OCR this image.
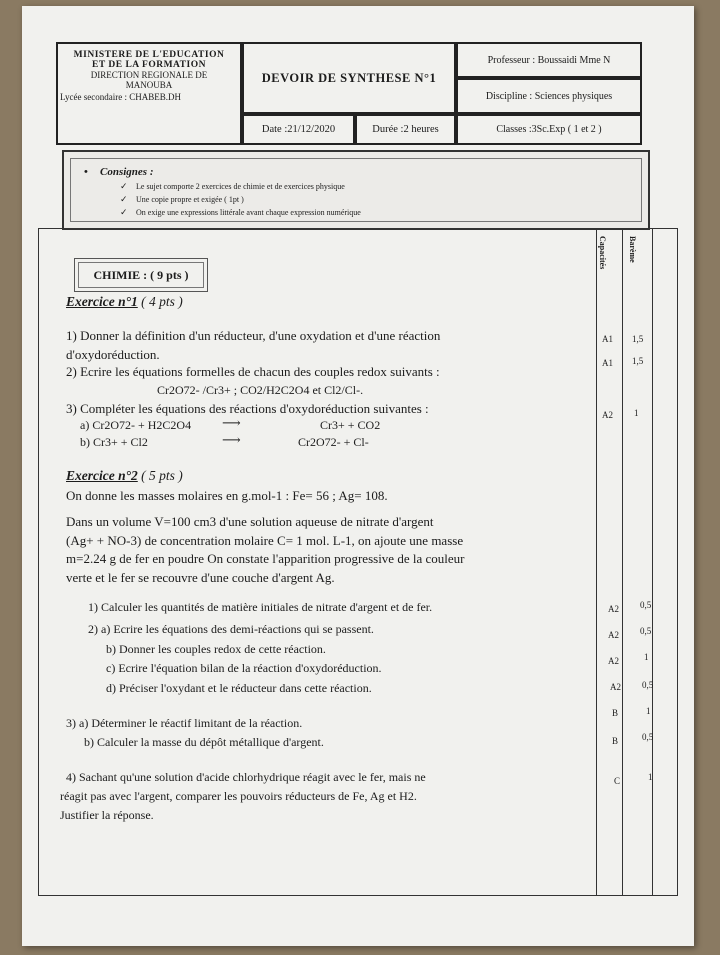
MINISTERE DE L'EDUCATION
ET DE LA FORMATION
DIRECTION REGIONALE DE
MANOUBA
Lycée secondaire : CHABEB.DH
DEVOIR DE SYNTHESE N°1
Date :21/12/2020	Durée :2 heures
Professeur : Boussaidi Mme N
Discipline : Sciences physiques
Classes :3Sc.Exp ( 1 et 2 )
• Consignes :
✓ Le sujet comporte 2 exercices de chimie et de exercices physique
✓ Une copie propre et exigée ( 1pt )
✓ On exige une expressions littérale avant chaque expression numérique
Capacités	Barème
CHIMIE : ( 9 pts )
Exercice n°1 ( 4 pts )
1) Donner la définition d'un réducteur, d'une oxydation et d'une réaction
d'oxydoréduction.
2) Ecrire les équations formelles de chacun des couples redox suivants :
Cr2O72- /Cr3+ ; CO2/H2C2O4 et Cl2/Cl-.
3) Compléter les équations des réactions d'oxydoréduction suivantes :
a) Cr2O72- + H2C2O4 ⟶	Cr3+ + CO2
b) Cr3+ + Cl2	⟶	Cr2O72- + Cl-
Exercice n°2 ( 5 pts )
On donne les masses molaires en g.mol-1 : Fe= 56 ; Ag= 108.
Dans un volume V=100 cm3 d'une solution aqueuse de nitrate d'argent
(Ag+ + NO-3) de concentration molaire C= 1 mol. L-1, on ajoute une masse
m=2.24 g de fer en poudre On constate l'apparition progressive de la couleur
verte et le fer se recouvre d'une couche d'argent Ag.
1) Calculer les quantités de matière initiales de nitrate d'argent et de fer.
2) a) Ecrire les équations des demi-réactions qui se passent.
b) Donner les couples redox de cette réaction.
c) Ecrire l'équation bilan de la réaction d'oxydoréduction.
d) Préciser l'oxydant et le réducteur dans cette réaction.
3) a) Déterminer le réactif limitant de la réaction.
b) Calculer la masse du dépôt métallique d'argent.
4) Sachant qu'une solution d'acide chlorhydrique réagit avec le fer, mais ne
réagit pas avec l'argent, comparer les pouvoirs réducteurs de Fe, Ag et H2.
Justifier la réponse.
A1 1,5
A1 1,5
A2 1
A2 0,5
A2 0,5
A2	1
A2 0,5
B	1
B	0,5
C	1
